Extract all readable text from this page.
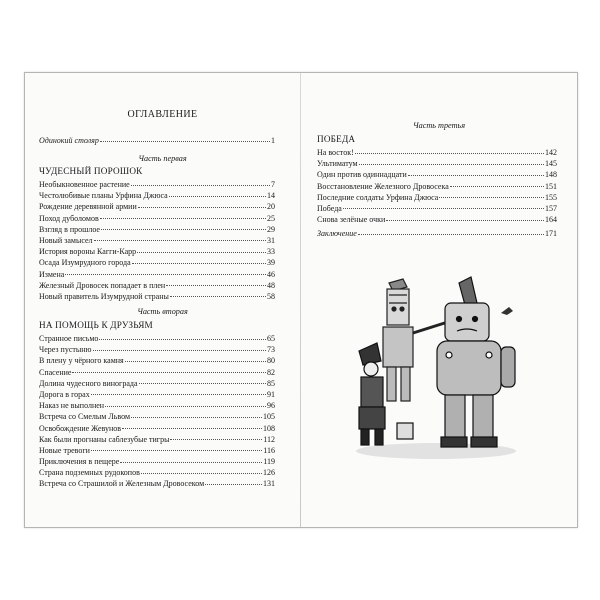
ОГЛАВЛЕНИЕ
Одинокий столяр	1
Часть первая
ЧУДЕСНЫЙ ПОРОШОК
Необыкновенное растение	7
Честолюбивые планы Урфина Джюса	14
Рождение деревянной армии	20
Поход дуболомов	25
Взгляд в прошлое	29
Новый замысел	31
История вороны Кагги-Карр	33
Осада Изумрудного города	39
Измена	46
Железный Дровосек попадает в плен	48
Новый правитель Изумрудной страны	58
Часть вторая
НА ПОМОЩЬ К ДРУЗЬЯМ
Странное письмо	65
Через пустыню	73
В плену у чёрного камня	80
Спасение	82
Долина чудесного винограда	85
Дорога в горах	91
Наказ не выполнен	96
Встреча со Смелым Львом	105
Освобождение Жевунов	108
Как были прогнаны саблезубые тигры	112
Новые тревоги	116
Приключения в пещере	119
Страна подземных рудокопов	126
Встреча со Страшилой и Железным Дровосеком	131
Часть третья
ПОБЕДА
На восток!	142
Ультиматум	145
Один против одиннадцати	148
Восстановление Железного Дровосека	151
Последние солдаты Урфина Джюса	155
Победа	157
Снова зелёные очки	164
Заключение	171
